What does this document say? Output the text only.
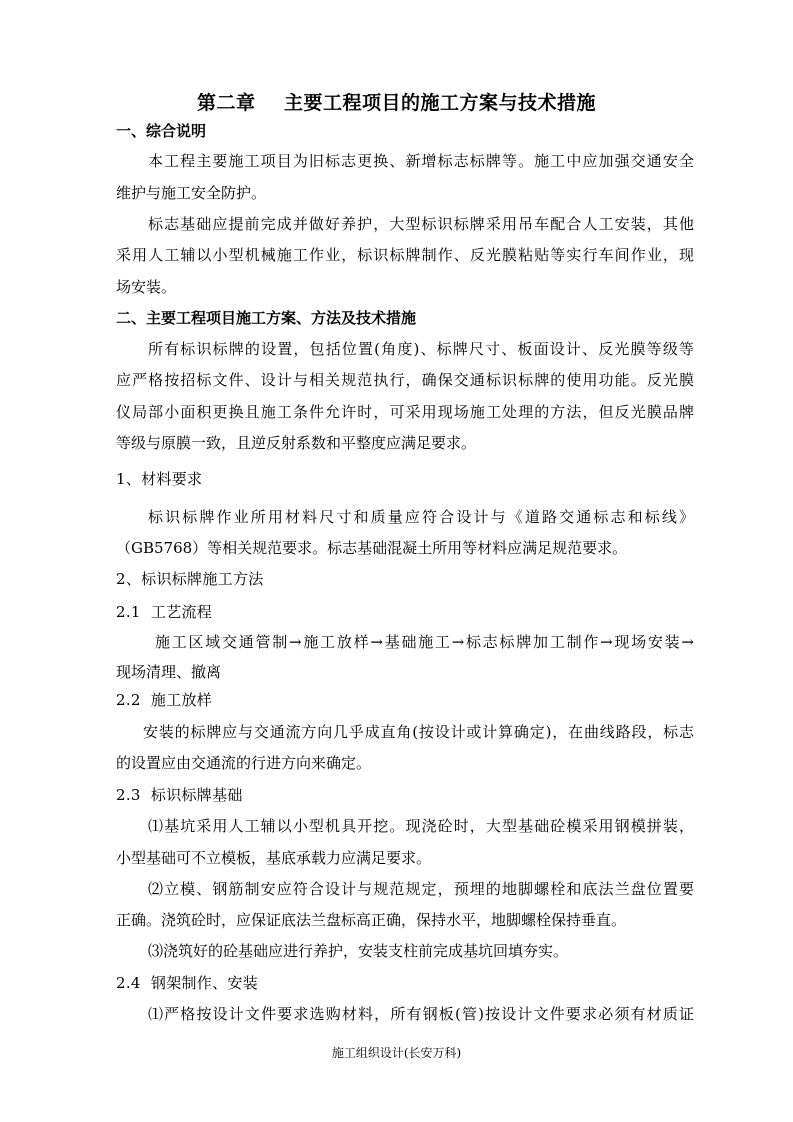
第二章    主要工程项目的施工方案与技术措施
一、综合说明
本工程主要施工项目为旧标志更换、新增标志标牌等。施工中应加强交通安全
维护与施工安全防护。
标志基础应提前完成并做好养护，大型标识标牌采用吊车配合人工安装，其他
采用人工辅以小型机械施工作业，标识标牌制作、反光膜粘贴等实行车间作业，现
场安装。
二、主要工程项目施工方案、方法及技术措施
所有标识标牌的设置，包括位置(角度)、标牌尺寸、板面设计、反光膜等级等
应严格按招标文件、设计与相关规范执行，确保交通标识标牌的使用功能。反光膜
仪局部小面积更换且施工条件允许时，可采用现场施工处理的方法，但反光膜品牌
等级与原膜一致，且逆反射系数和平整度应满足要求。
1、材料要求
标识标牌作业所用材料尺寸和质量应符合设计与《道路交通标志和标线》
（GB5768）等相关规范要求。标志基础混凝土所用等材料应满足规范要求。
2、标识标牌施工方法
2.1  工艺流程
施工区域交通管制→施工放样→基础施工→标志标牌加工制作→现场安装→
现场清理、撤离
2.2  施工放样
安装的标牌应与交通流方向几乎成直角(按设计或计算确定)，在曲线路段，标志
的设置应由交通流的行进方向来确定。
2.3  标识标牌基础
⑴基坑采用人工辅以小型机具开挖。现浇砼时，大型基础砼模采用钢模拼装，
小型基础可不立模板，基底承载力应满足要求。
⑵立模、钢筋制安应符合设计与规范规定，预埋的地脚螺栓和底法兰盘位置要
正确。浇筑砼时，应保证底法兰盘标高正确，保持水平，地脚螺栓保持垂直。
⑶浇筑好的砼基础应进行养护，安装支柱前完成基坑回填夯实。
2.4  钢架制作、安装
⑴严格按设计文件要求选购材料，所有钢板(管)按设计文件要求必须有材质证
施工组织设计(长安万科)
